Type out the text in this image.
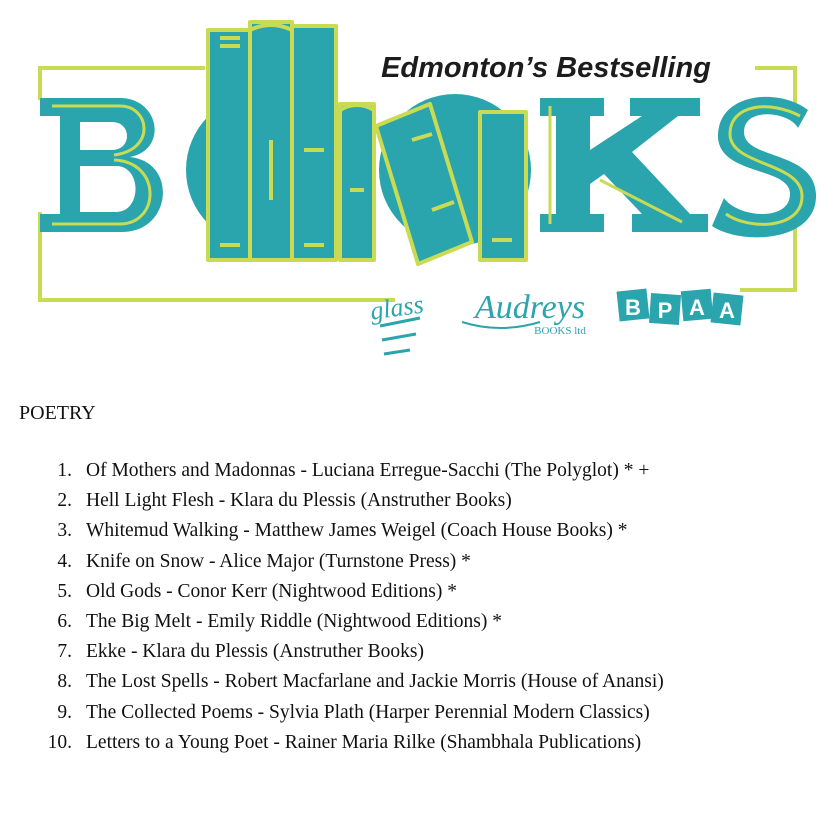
Edmonton’s Bestselling
glass Audreys
BOOKS ltd
B P A A
POETRY
1. Of Mothers and Madonnas - Luciana Erregue-Sacchi (The Polyglot) * +
2. Hell Light Flesh - Klara du Plessis (Anstruther Books)
3. Whitemud Walking - Matthew James Weigel (Coach House Books) *
4. Knife on Snow - Alice Major (Turnstone Press) *
5. Old Gods - Conor Kerr (Nightwood Editions) *
6. The Big Melt - Emily Riddle (Nightwood Editions) *
7. Ekke - Klara du Plessis (Anstruther Books)
8. The Lost Spells - Robert Macfarlane and Jackie Morris (House of Anansi)
9. The Collected Poems - Sylvia Plath (Harper Perennial Modern Classics)
10. Letters to a Young Poet - Rainer Maria Rilke (Shambhala Publications)
